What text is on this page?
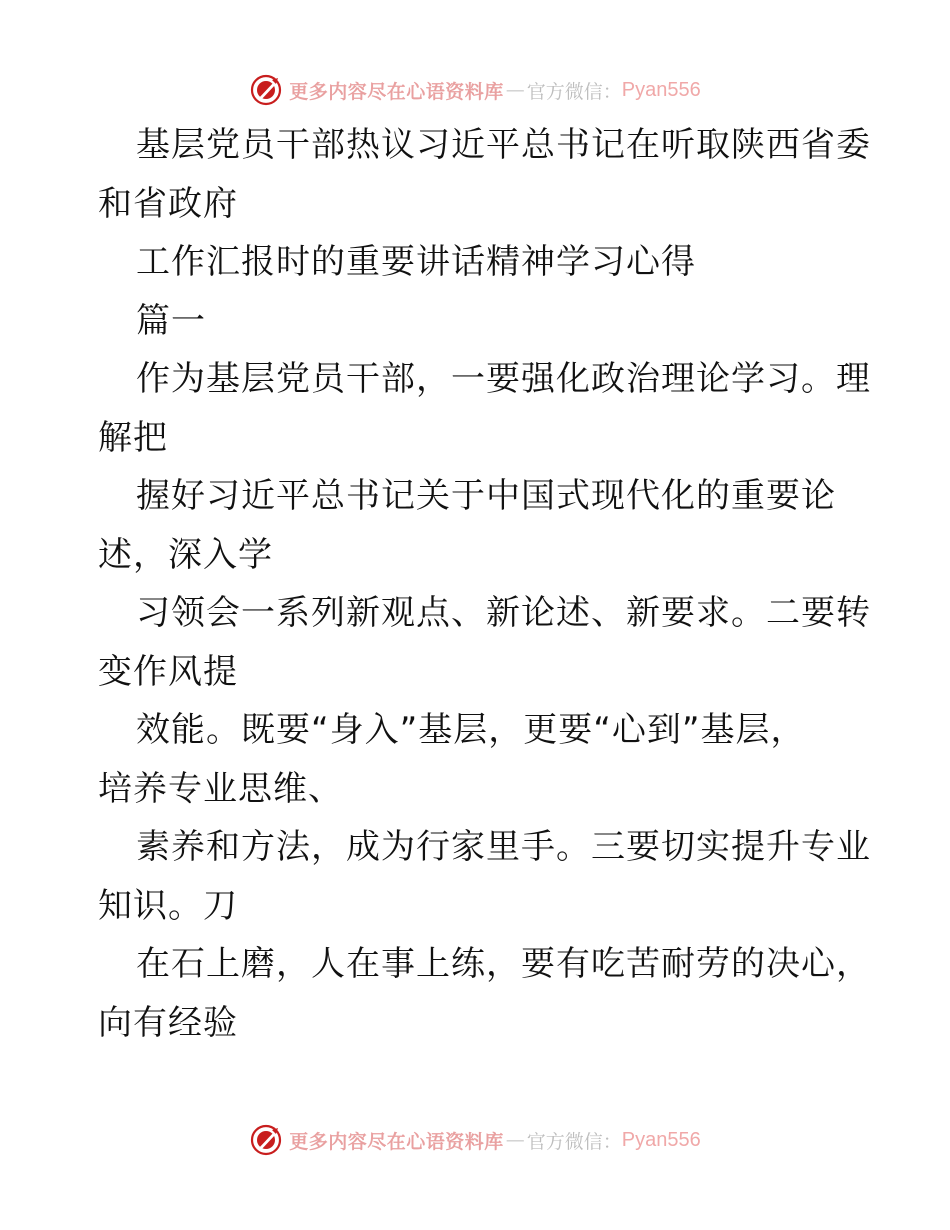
更多内容尽在心语资料库 — 官方微信： Pyan556
基层党员干部热议习近平总书记在听取陕西省委
和省政府
工作汇报时的重要讲话精神学习心得
篇一
作为基层党员干部，一要强化政治理论学习。理
解把
握好习近平总书记关于中国式现代化的重要论
述，深入学
习领会一系列新观点、新论述、新要求。二要转
变作风提
效能。既要“身入”基层，更要“心到”基层，
培养专业思维、
素养和方法，成为行家里手。三要切实提升专业
知识。刀
在石上磨，人在事上练，要有吃苦耐劳的决心，
向有经验
更多内容尽在心语资料库 — 官方微信： Pyan556
